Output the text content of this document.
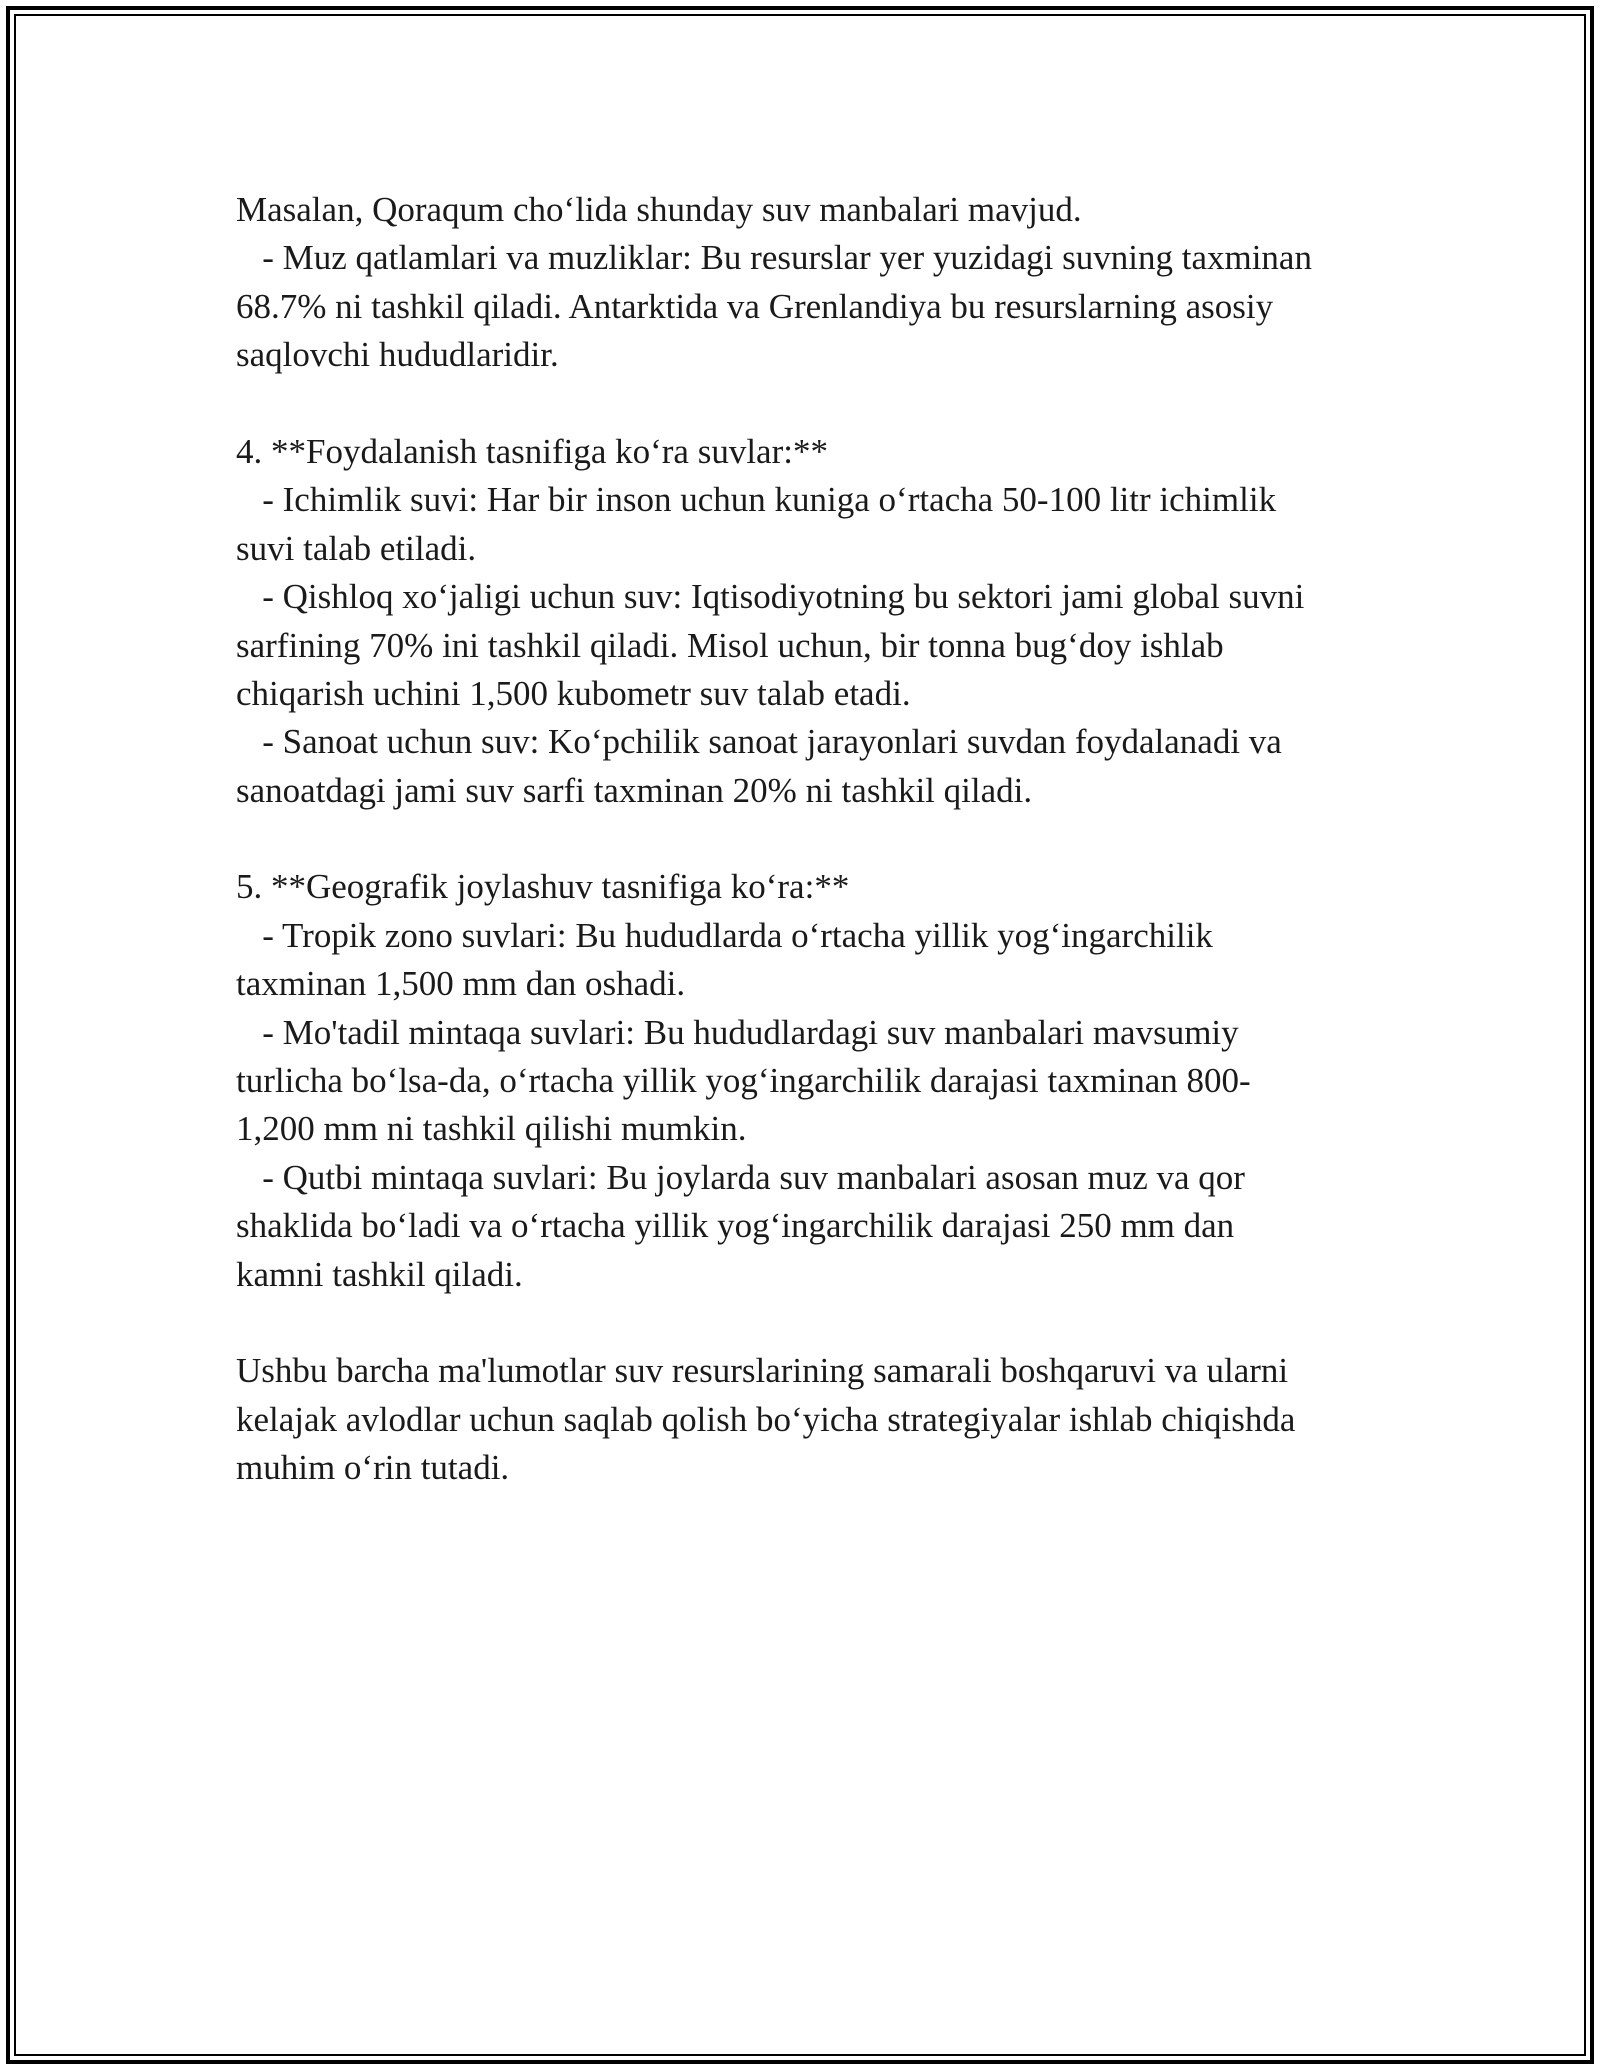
Masalan, Qoraqum cho‘lida shunday suv manbalari mavjud.
- Muz qatlamlari va muzliklar: Bu resurslar yer yuzidagi suvning taxminan
68.7% ni tashkil qiladi. Antarktida va Grenlandiya bu resurslarning asosiy
saqlovchi hududlaridir.
4. **Foydalanish tasnifiga ko‘ra suvlar:**
- Ichimlik suvi: Har bir inson uchun kuniga o‘rtacha 50-100 litr ichimlik
suvi talab etiladi.
- Qishloq xo‘jaligi uchun suv: Iqtisodiyotning bu sektori jami global suvni
sarfining 70% ini tashkil qiladi. Misol uchun, bir tonna bug‘doy ishlab
chiqarish uchini 1,500 kubometr suv talab etadi.
- Sanoat uchun suv: Ko‘pchilik sanoat jarayonlari suvdan foydalanadi va
sanoatdagi jami suv sarfi taxminan 20% ni tashkil qiladi.
5. **Geografik joylashuv tasnifiga ko‘ra:**
- Tropik zono suvlari: Bu hududlarda o‘rtacha yillik yog‘ingarchilik
taxminan 1,500 mm dan oshadi.
- Mo'tadil mintaqa suvlari: Bu hududlardagi suv manbalari mavsumiy
turlicha bo‘lsa-da, o‘rtacha yillik yog‘ingarchilik darajasi taxminan 800-
1,200 mm ni tashkil qilishi mumkin.
- Qutbi mintaqa suvlari: Bu joylarda suv manbalari asosan muz va qor
shaklida bo‘ladi va o‘rtacha yillik yog‘ingarchilik darajasi 250 mm dan
kamni tashkil qiladi.
Ushbu barcha ma'lumotlar suv resurslarining samarali boshqaruvi va ularni
kelajak avlodlar uchun saqlab qolish bo‘yicha strategiyalar ishlab chiqishda
muhim o‘rin tutadi.
